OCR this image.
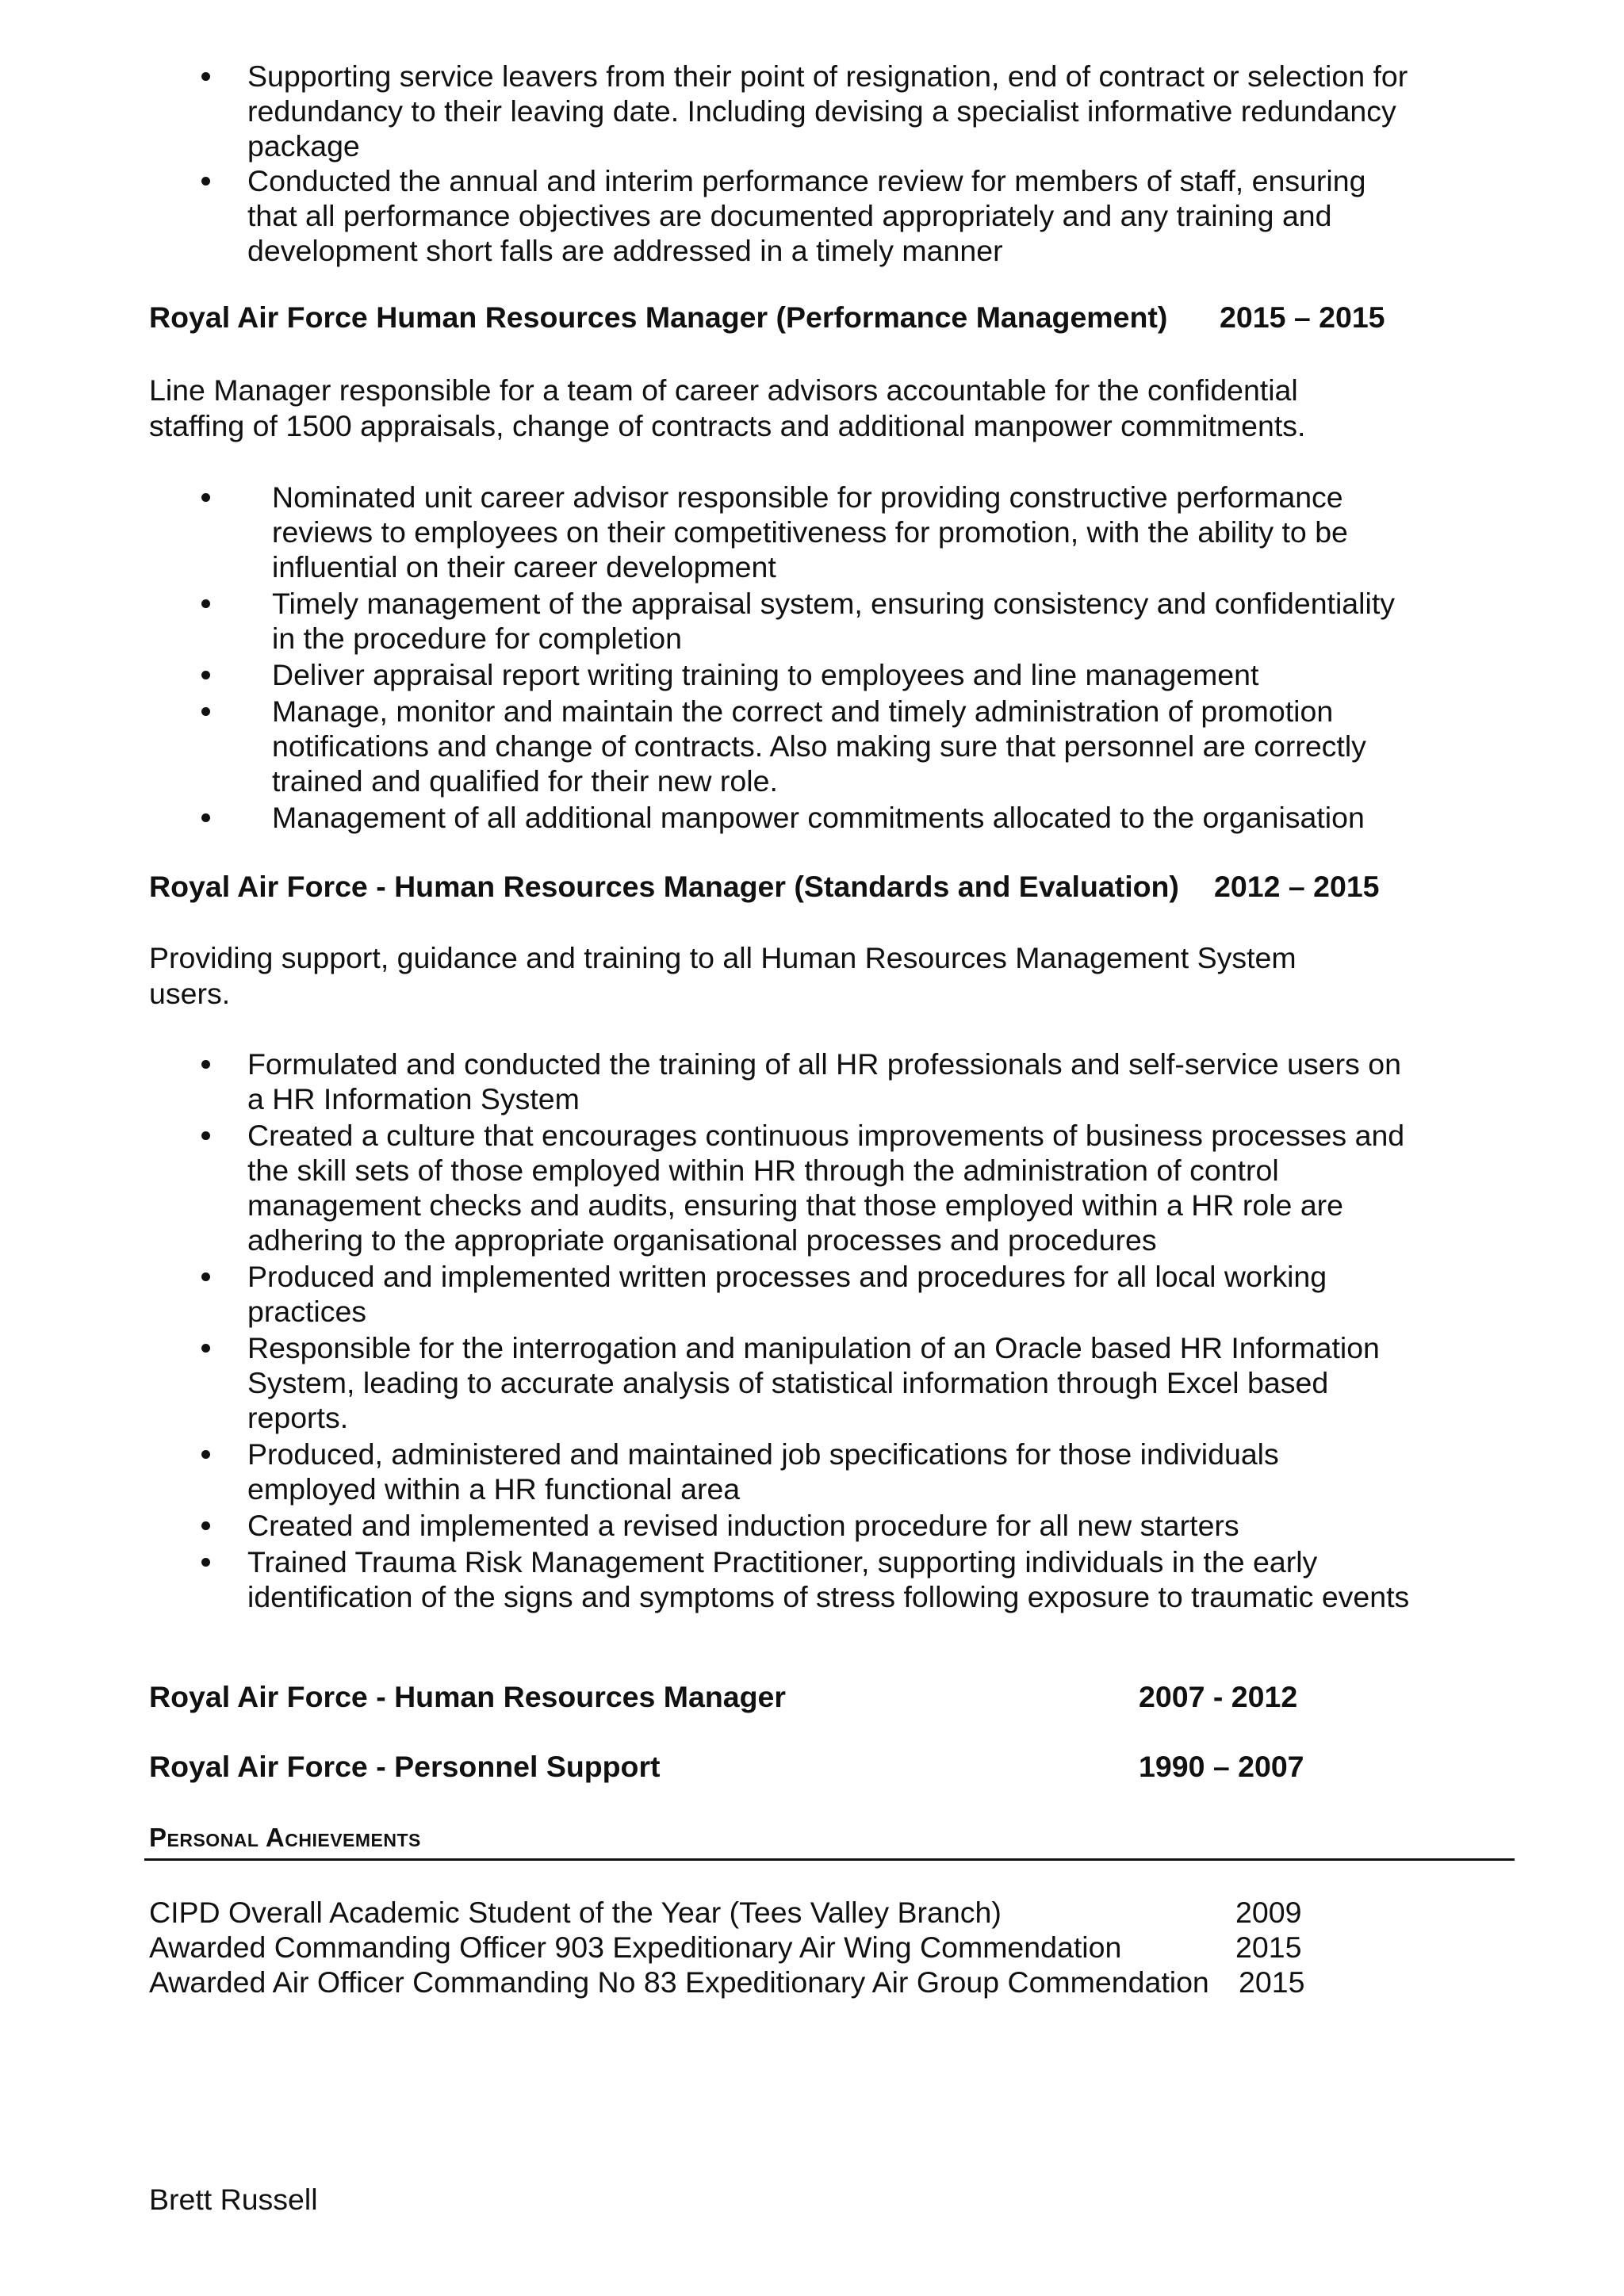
Supporting service leavers from their point of resignation, end of contract or selection for redundancy to their leaving date. Including devising a specialist informative redundancy package
Conducted the annual and interim performance review for members of staff, ensuring that all performance objectives are documented appropriately and any training and development short falls are addressed in a timely manner
Royal Air Force Human Resources Manager (Performance Management) 2015 – 2015

Line Manager responsible for a team of career advisors accountable for the confidential staffing of 1500 appraisals, change of contracts and additional manpower commitments.

Nominated unit career advisor responsible for providing constructive performance reviews to employees on their competitiveness for promotion, with the ability to be influential on their career development
Timely management of the appraisal system, ensuring consistency and confidentiality in the procedure for completion
Deliver appraisal report writing training to employees and line management
Manage, monitor and maintain the correct and timely administration of promotion notifications and change of contracts. Also making sure that personnel are correctly trained and qualified for their new role.
Management of all additional manpower commitments allocated to the organisation
Royal Air Force - Human Resources Manager (Standards and Evaluation) 2012 – 2015

Providing support, guidance and training to all Human Resources Management System users.

Formulated and conducted the training of all HR professionals and self-service users on a HR Information System
Created a culture that encourages continuous improvements of business processes and the skill sets of those employed within HR through the administration of control management checks and audits, ensuring that those employed within a HR role are adhering to the appropriate organisational processes and procedures
Produced and implemented written processes and procedures for all local working practices
Responsible for the interrogation and manipulation of an Oracle based HR Information System, leading to accurate analysis of statistical information through Excel based reports.
Produced, administered and maintained job specifications for those individuals employed within a HR functional area
Created and implemented a revised induction procedure for all new starters
Trained Trauma Risk Management Practitioner, supporting individuals in the early identification of the signs and symptoms of stress following exposure to traumatic events
Royal Air Force - Human Resources Manager	2007 - 2012
Royal Air Force - Personnel Support	1990 – 2007
Personal Achievements
CIPD Overall Academic Student of the Year (Tees Valley Branch)	2009
Awarded Commanding Officer 903 Expeditionary Air Wing Commendation	2015
Awarded Air Officer Commanding No 83 Expeditionary Air Group Commendation 2015
Brett Russell
